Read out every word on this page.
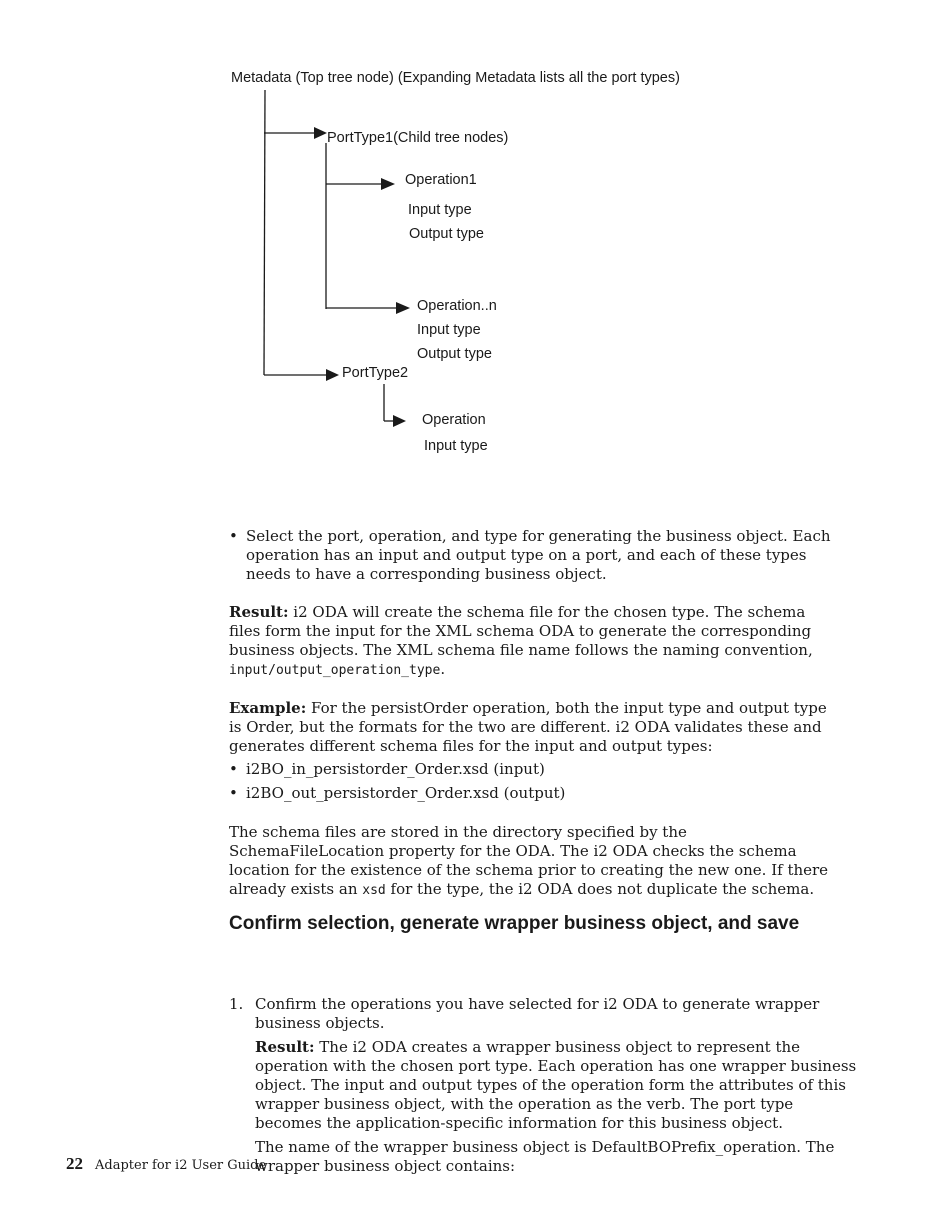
Metadata (Top tree node) (Expanding Metadata lists all the port types)
PortType1(Child tree nodes)
Operation1
Input type
Output type
Operation..n
Input type
Output type
PortType2
Operation
Input type
• Select the port, operation, and type for generating the business object. Each operation has an input and output type on a port, and each of these types needs to have a corresponding business object.

Result: i2 ODA will create the schema file for the chosen type. The schema files form the input for the XML schema ODA to generate the corresponding business objects. The XML schema file name follows the naming convention, input/output_operation_type.

Example: For the persistOrder operation, both the input type and output type is Order, but the formats for the two are different. i2 ODA validates these and generates different schema files for the input and output types:

• i2BO_in_persistorder_Order.xsd (input)
• i2BO_out_persistorder_Order.xsd (output)

The schema files are stored in the directory specified by the SchemaFileLocation property for the ODA. The i2 ODA checks the schema location for the existence of the schema prior to creating the new one. If there already exists an xsd for the type, the i2 ODA does not duplicate the schema.

Confirm selection, generate wrapper business object, and save
1. Confirm the operations you have selected for i2 ODA to generate wrapper business objects.

Result: The i2 ODA creates a wrapper business object to represent the operation with the chosen port type. Each operation has one wrapper business object. The input and output types of the operation form the attributes of this wrapper business object, with the operation as the verb. The port type becomes the application-specific information for this business object.

The name of the wrapper business object is DefaultBOPrefix_operation. The wrapper business object contains:

22 Adapter for i2 User Guide
